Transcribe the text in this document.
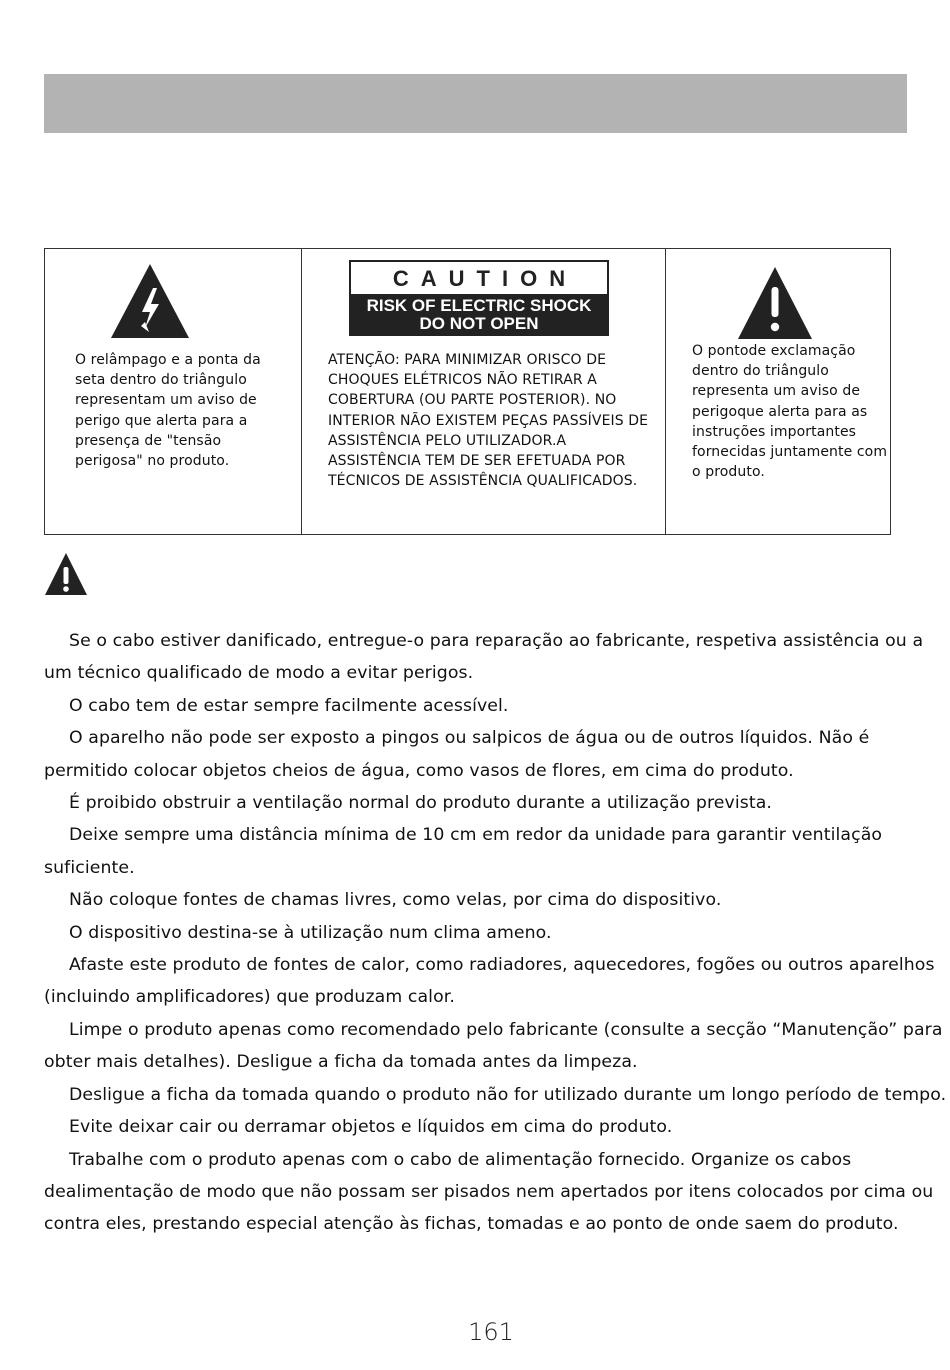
O relâmpago e a ponta da seta dentro do triângulo representam um aviso de perigo que alerta para a presença de "tensão perigosa" no produto.
CAUTION
RISK OF ELECTRIC SHOCK
DO NOT OPEN
ATENÇÃO: PARA MINIMIZAR ORISCO DE CHOQUES ELÉTRICOS NÃO RETIRAR A COBERTURA (OU PARTE POSTERIOR). NO INTERIOR NÃO EXISTEM PEÇAS PASSÍVEIS DE ASSISTÊNCIA PELO UTILIZADOR.A ASSISTÊNCIA TEM DE SER EFETUADA POR TÉCNICOS DE ASSISTÊNCIA QUALIFICADOS.
O pontode exclamação dentro do triângulo representa um aviso de perigoque alerta para as instruções importantes fornecidas juntamente com o produto.

Se o cabo estiver danificado, entregue-o para reparação ao fabricante, respetiva assistência ou a um técnico qualificado de modo a evitar perigos.

O cabo tem de estar sempre facilmente acessível.

O aparelho não pode ser exposto a pingos ou salpicos de água ou de outros líquidos. Não é permitido colocar objetos cheios de água, como vasos de flores, em cima do produto.

É proibido obstruir a ventilação normal do produto durante a utilização prevista.

Deixe sempre uma distância mínima de 10 cm em redor da unidade para garantir ventilação suficiente.

Não coloque fontes de chamas livres, como velas, por cima do dispositivo.

O dispositivo destina-se à utilização num clima ameno.

Afaste este produto de fontes de calor, como radiadores, aquecedores, fogões ou outros aparelhos (incluindo amplificadores) que produzam calor.

Limpe o produto apenas como recomendado pelo fabricante (consulte a secção “Manutenção” para obter mais detalhes). Desligue a ficha da tomada antes da limpeza.

Desligue a ficha da tomada quando o produto não for utilizado durante um longo período de tempo.

Evite deixar cair ou derramar objetos e líquidos em cima do produto.

Trabalhe com o produto apenas com o cabo de alimentação fornecido. Organize os cabos dealimentação de modo que não possam ser pisados nem apertados por itens colocados por cima ou contra eles, prestando especial atenção às fichas, tomadas e ao ponto de onde saem do produto.

161
